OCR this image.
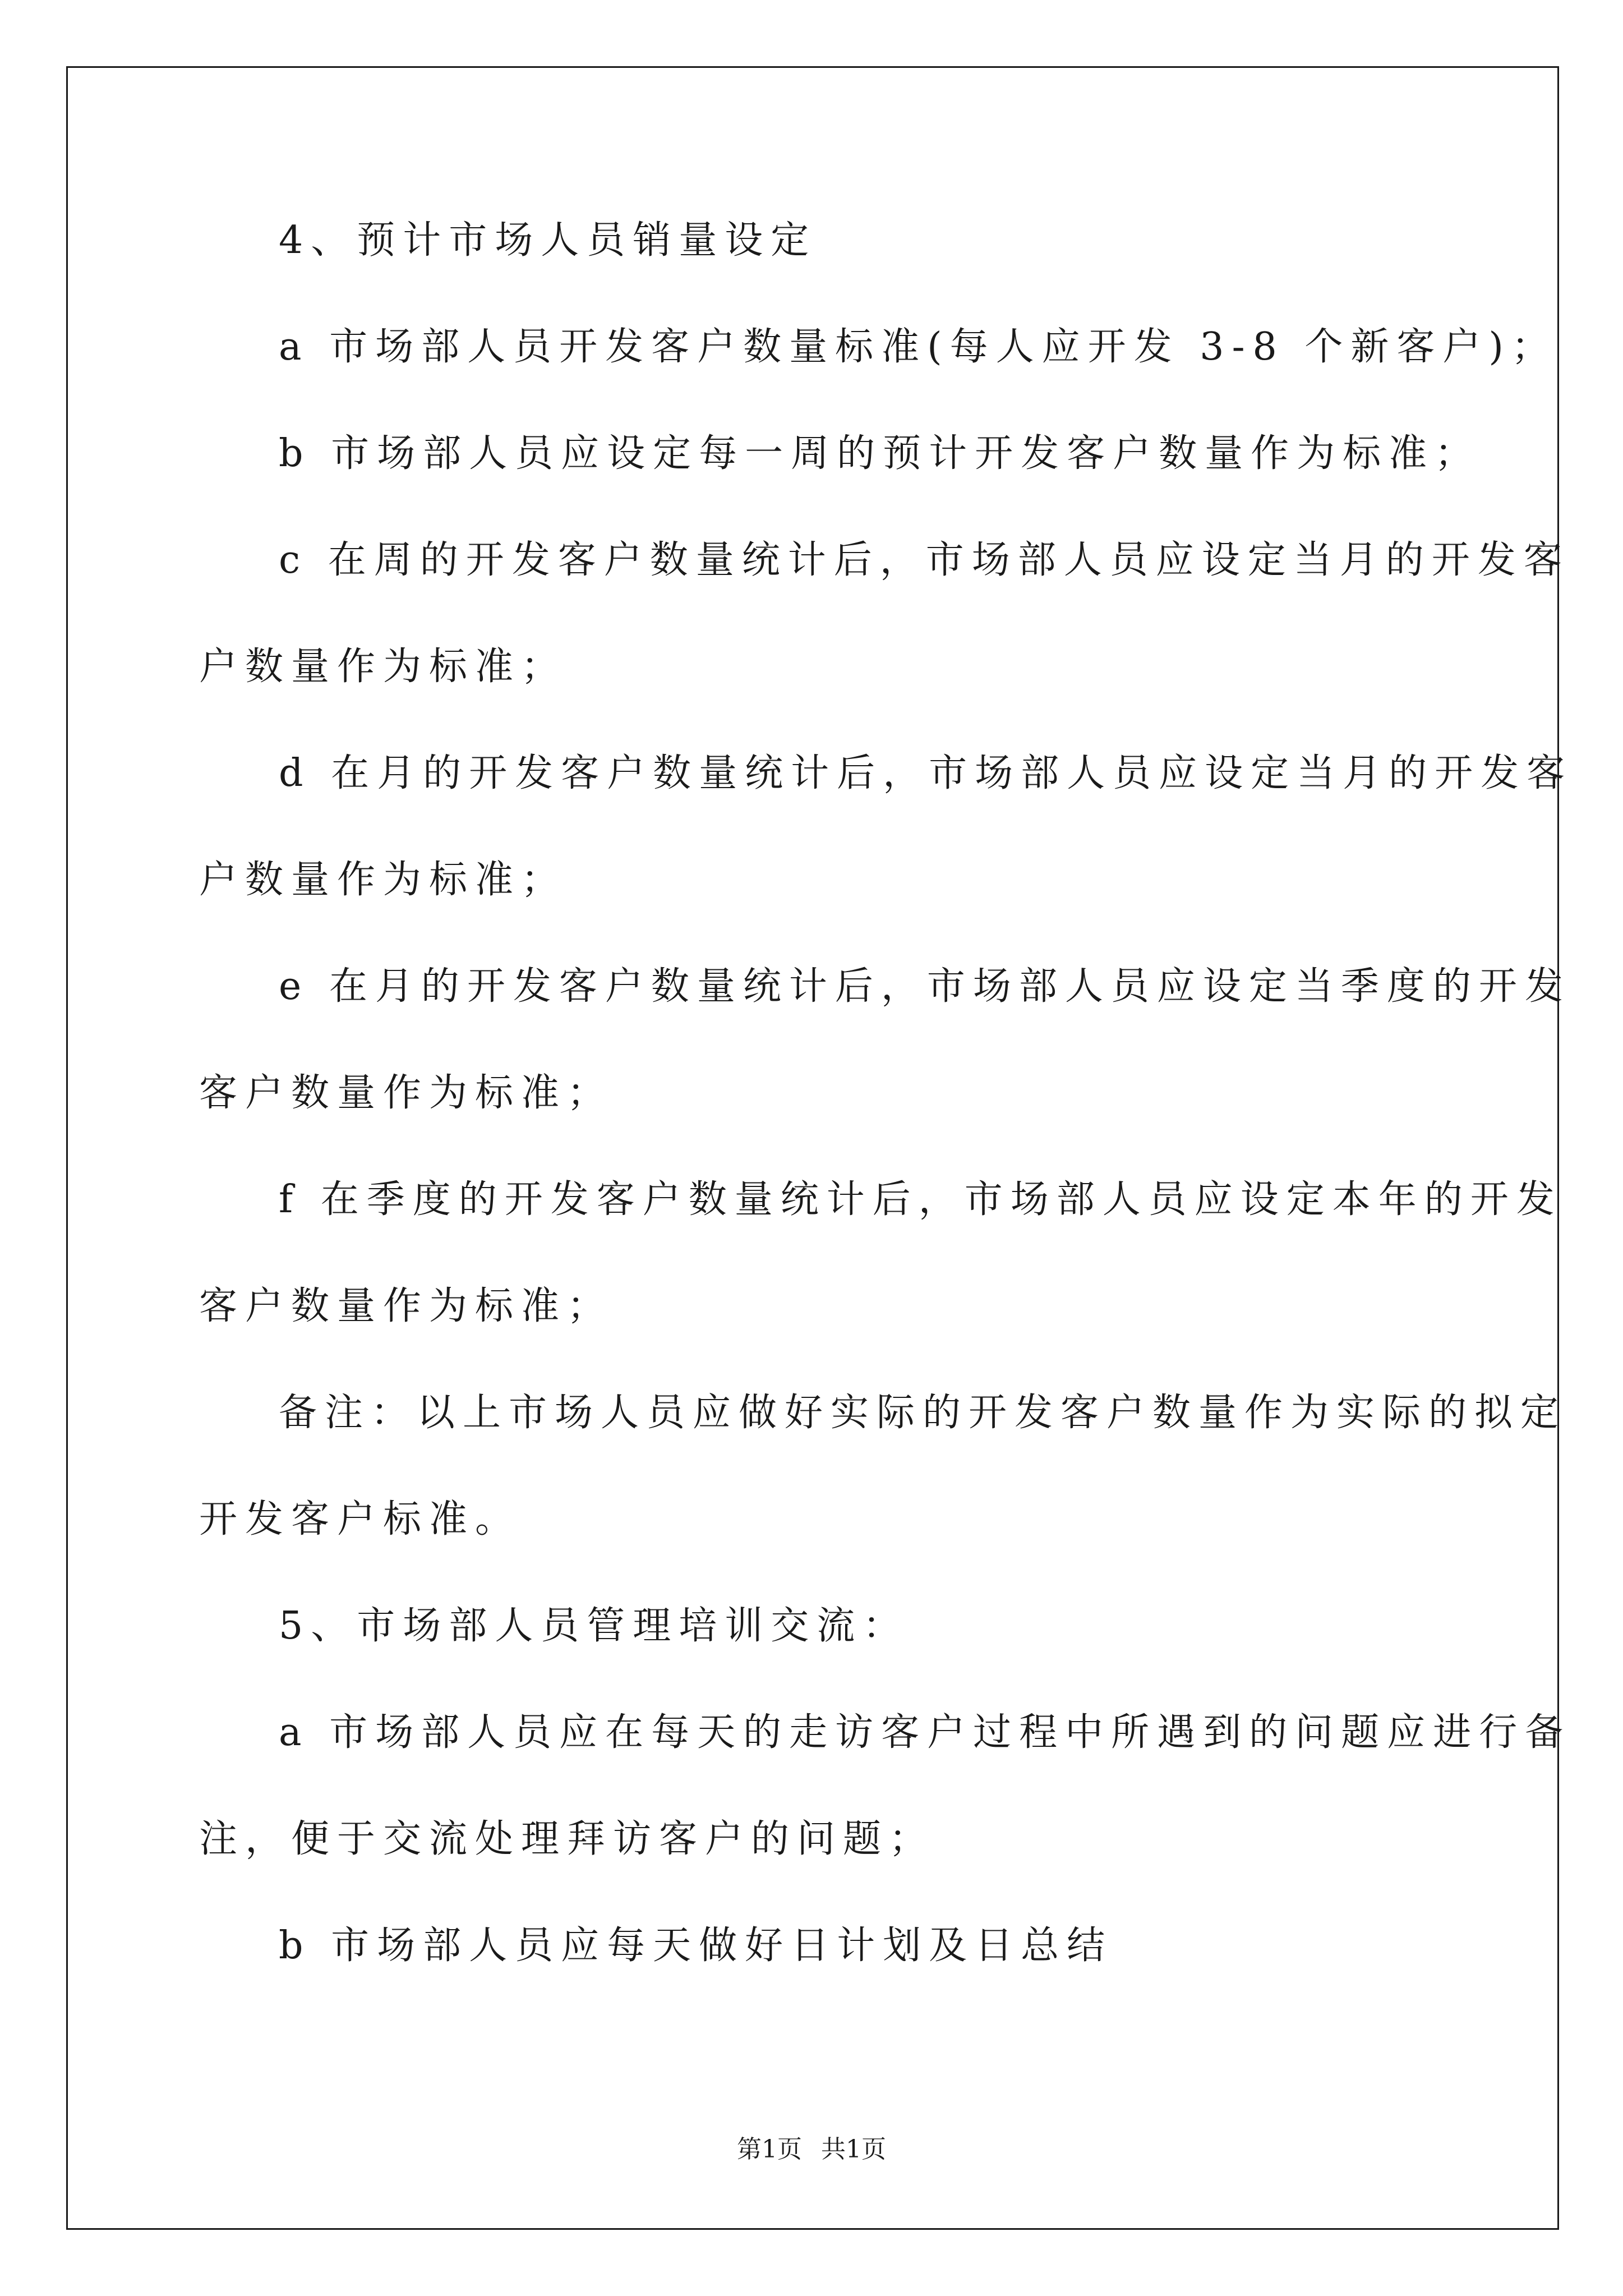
4、预计市场人员销量设定
a 市场部人员开发客户数量标准(每人应开发 3-8 个新客户)；
b 市场部人员应设定每一周的预计开发客户数量作为标准；
c 在周的开发客户数量统计后，市场部人员应设定当月的开发客
户数量作为标准；
d 在月的开发客户数量统计后，市场部人员应设定当月的开发客
户数量作为标准；
e 在月的开发客户数量统计后，市场部人员应设定当季度的开发
客户数量作为标准；
f 在季度的开发客户数量统计后，市场部人员应设定本年的开发
客户数量作为标准；
备注：以上市场人员应做好实际的开发客户数量作为实际的拟定
开发客户标准。
5、市场部人员管理培训交流：
a 市场部人员应在每天的走访客户过程中所遇到的问题应进行备
注，便于交流处理拜访客户的问题；
b 市场部人员应每天做好日计划及日总结
第1页 共1页
